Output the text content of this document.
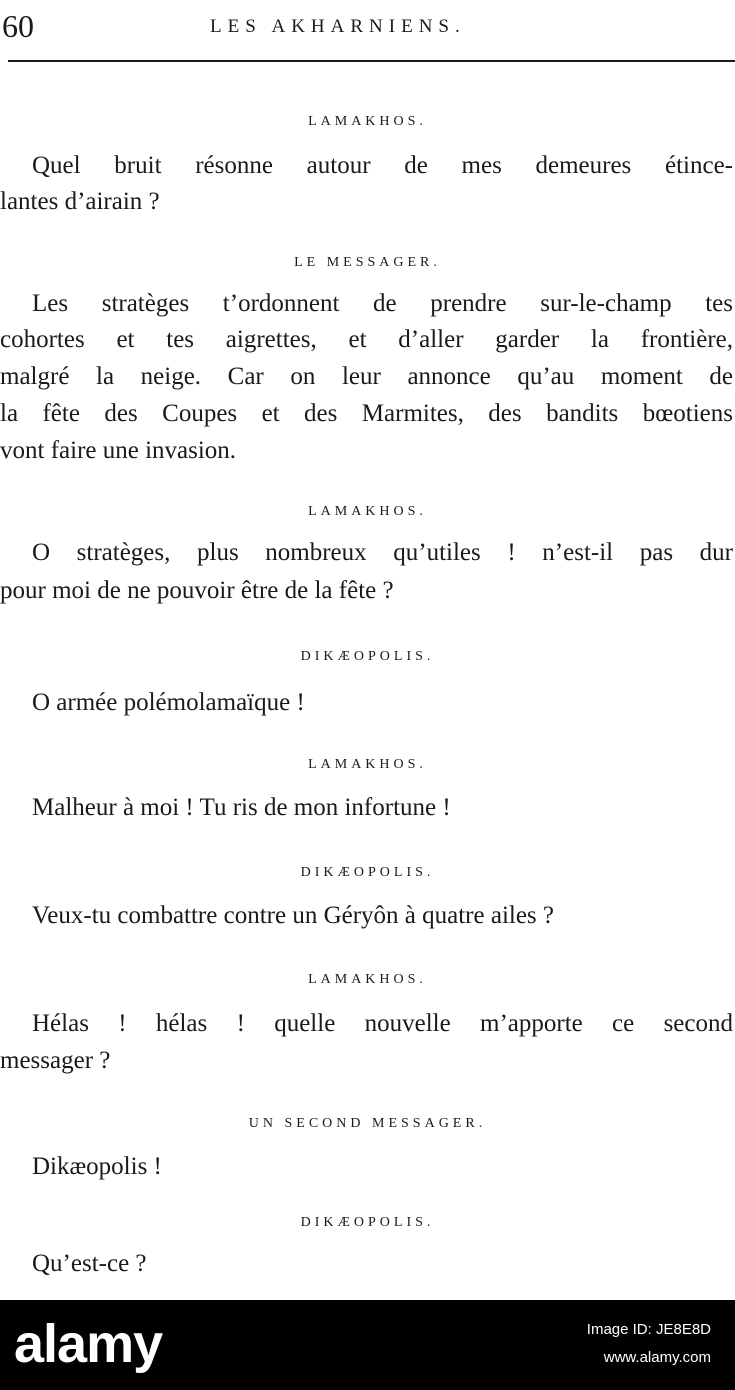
60	LES AKHARNIENS.
LAMAKHOS.
Quel bruit résonne autour de mes demeures étince-
lantes d’airain ?
LE MESSAGER.
Les stratèges t’ordonnent de prendre sur-le-champ tes
cohortes et tes aigrettes, et d’aller garder la frontière,
malgré la neige. Car on leur annonce qu’au moment de
la fête des Coupes et des Marmites, des bandits bœotiens
vont faire une invasion.
LAMAKHOS.
O stratèges, plus nombreux qu’utiles ! n’est-il pas dur
pour moi de ne pouvoir être de la fête ?
DIKÆOPOLIS.
O armée polémolamaïque !
LAMAKHOS.
Malheur à moi ! Tu ris de mon infortune !
DIKÆOPOLIS.
Veux-tu combattre contre un Géryôn à quatre ailes ?
LAMAKHOS.
Hélas ! hélas ! quelle nouvelle m’apporte ce second
messager ?
UN SECOND MESSAGER.
Dikæopolis !
DIKÆOPOLIS.
Qu’est-ce ?
alamy	Image ID: JE8E8D
www.alamy.com
